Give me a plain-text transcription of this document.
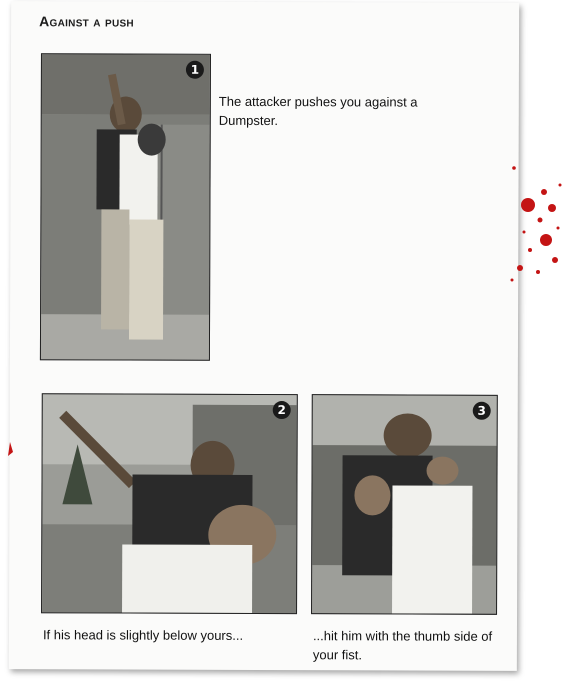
Against a push
1
The attacker pushes you against a Dumpster.
2
If his head is slightly below yours...
3
...hit him with the thumb side of your fist.
